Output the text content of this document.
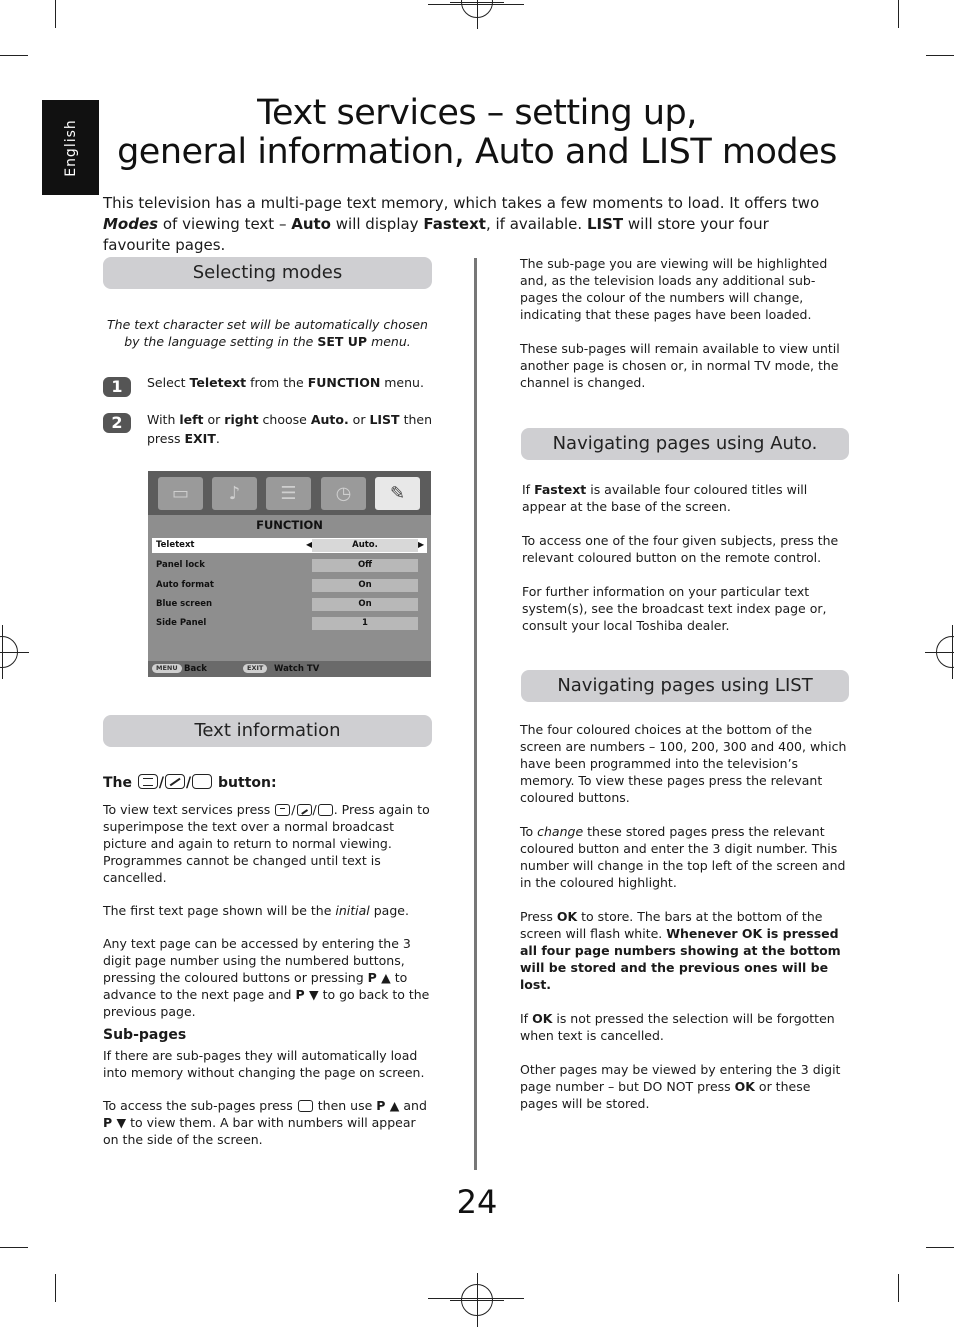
English
Text services – setting up,
general information, Auto and LIST modes
This television has a multi-page text memory, which takes a few moments to load. It offers two Modes of viewing text – Auto will display Fastext, if available. LIST will store your four favourite pages.
Selecting modes
The text character set will be automatically chosen by the language setting in the SET UP menu.
1	Select Teletext from the FUNCTION menu.
2	With left or right choose Auto. or LIST then press EXIT.
▭	♪	☰	◷	✎
FUNCTION
Teletext	◀	Auto.	▶
Panel lock	Off
Auto format	On
Blue screen	On
Side Panel	1
MENU Back	EXIT	Watch TV
Text information
The / / button:

To view text services press / / . Press again to superimpose the text over a normal broadcast picture and again to return to normal viewing. Programmes cannot be changed until text is cancelled.

The first text page shown will be the initial page.

Any text page can be accessed by entering the 3 digit page number using the numbered buttons, pressing the coloured buttons or pressing P ▲ to advance to the next page and P ▼ to go back to the previous page.

Sub-pages

If there are sub-pages they will automatically load into memory without changing the page on screen.

To access the sub-pages press  then use P ▲ and P ▼ to view them. A bar with numbers will appear on the side of the screen.

The sub-page you are viewing will be highlighted and, as the television loads any additional sub-pages the colour of the numbers will change, indicating that these pages have been loaded.

These sub-pages will remain available to view until another page is chosen or, in normal TV mode, the channel is changed.

Navigating pages using Auto.

If Fastext is available four coloured titles will appear at the base of the screen.

To access one of the four given subjects, press the relevant coloured button on the remote control.

For further information on your particular text system(s), see the broadcast text index page or, consult your local Toshiba dealer.

Navigating pages using LIST

The four coloured choices at the bottom of the screen are numbers – 100, 200, 300 and 400, which have been programmed into the television’s memory. To view these pages press the relevant coloured buttons.

To change these stored pages press the relevant coloured button and enter the 3 digit number. This number will change in the top left of the screen and in the coloured highlight.

Press OK to store. The bars at the bottom of the screen will flash white. Whenever OK is pressed all four page numbers showing at the bottom will be stored and the previous ones will be lost.

If OK is not pressed the selection will be forgotten when text is cancelled.

Other pages may be viewed by entering the 3 digit page number – but DO NOT press OK or these pages will be stored.

24
